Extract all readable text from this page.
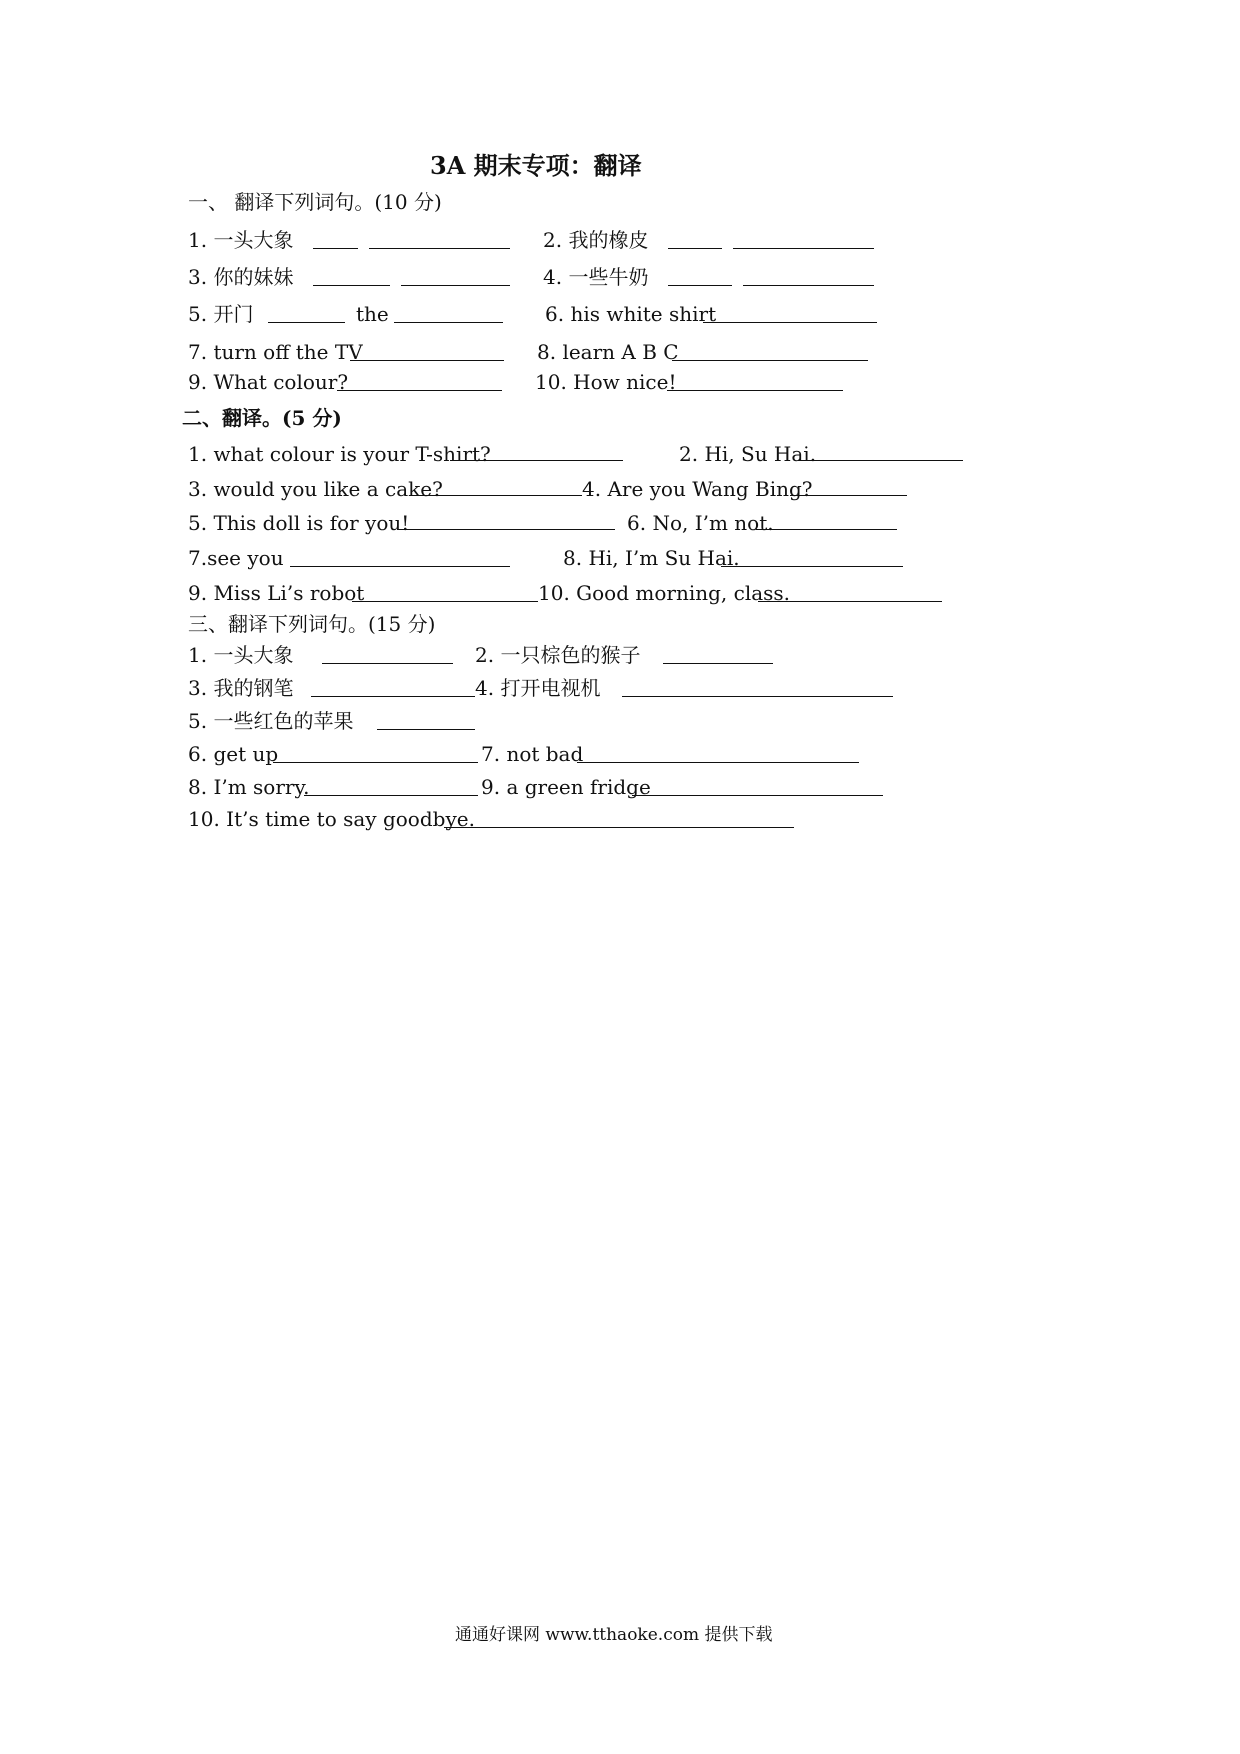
3A 期末专项：翻译
一、 翻译下列词句。(10 分)
1. 一头大象	2. 我的橡皮
3. 你的妹妹	4. 一些牛奶
5. 开门	the	6. his white shirt
7. turn off the TV	8. learn A B C
9. What colour?	10. How nice!
二、翻译。(5 分)
1. what colour is your T-shirt?	2. Hi, Su Hai.
3. would you like a cake?	4. Are you Wang Bing?
5. This doll is for you!	6. No, I’m not.
7.see you	8. Hi, I’m Su Hai.
9. Miss Li’s robot	10. Good morning, class.
三、翻译下列词句。(15 分)
1. 一头大象	2. 一只棕色的猴子
3. 我的钢笔	4. 打开电视机
5. 一些红色的苹果
6. get up	7. not bad
8. I’m sorry.	9. a green fridge
10. It’s time to say goodbye.
通通好课网 www.tthaoke.com 提供下载
